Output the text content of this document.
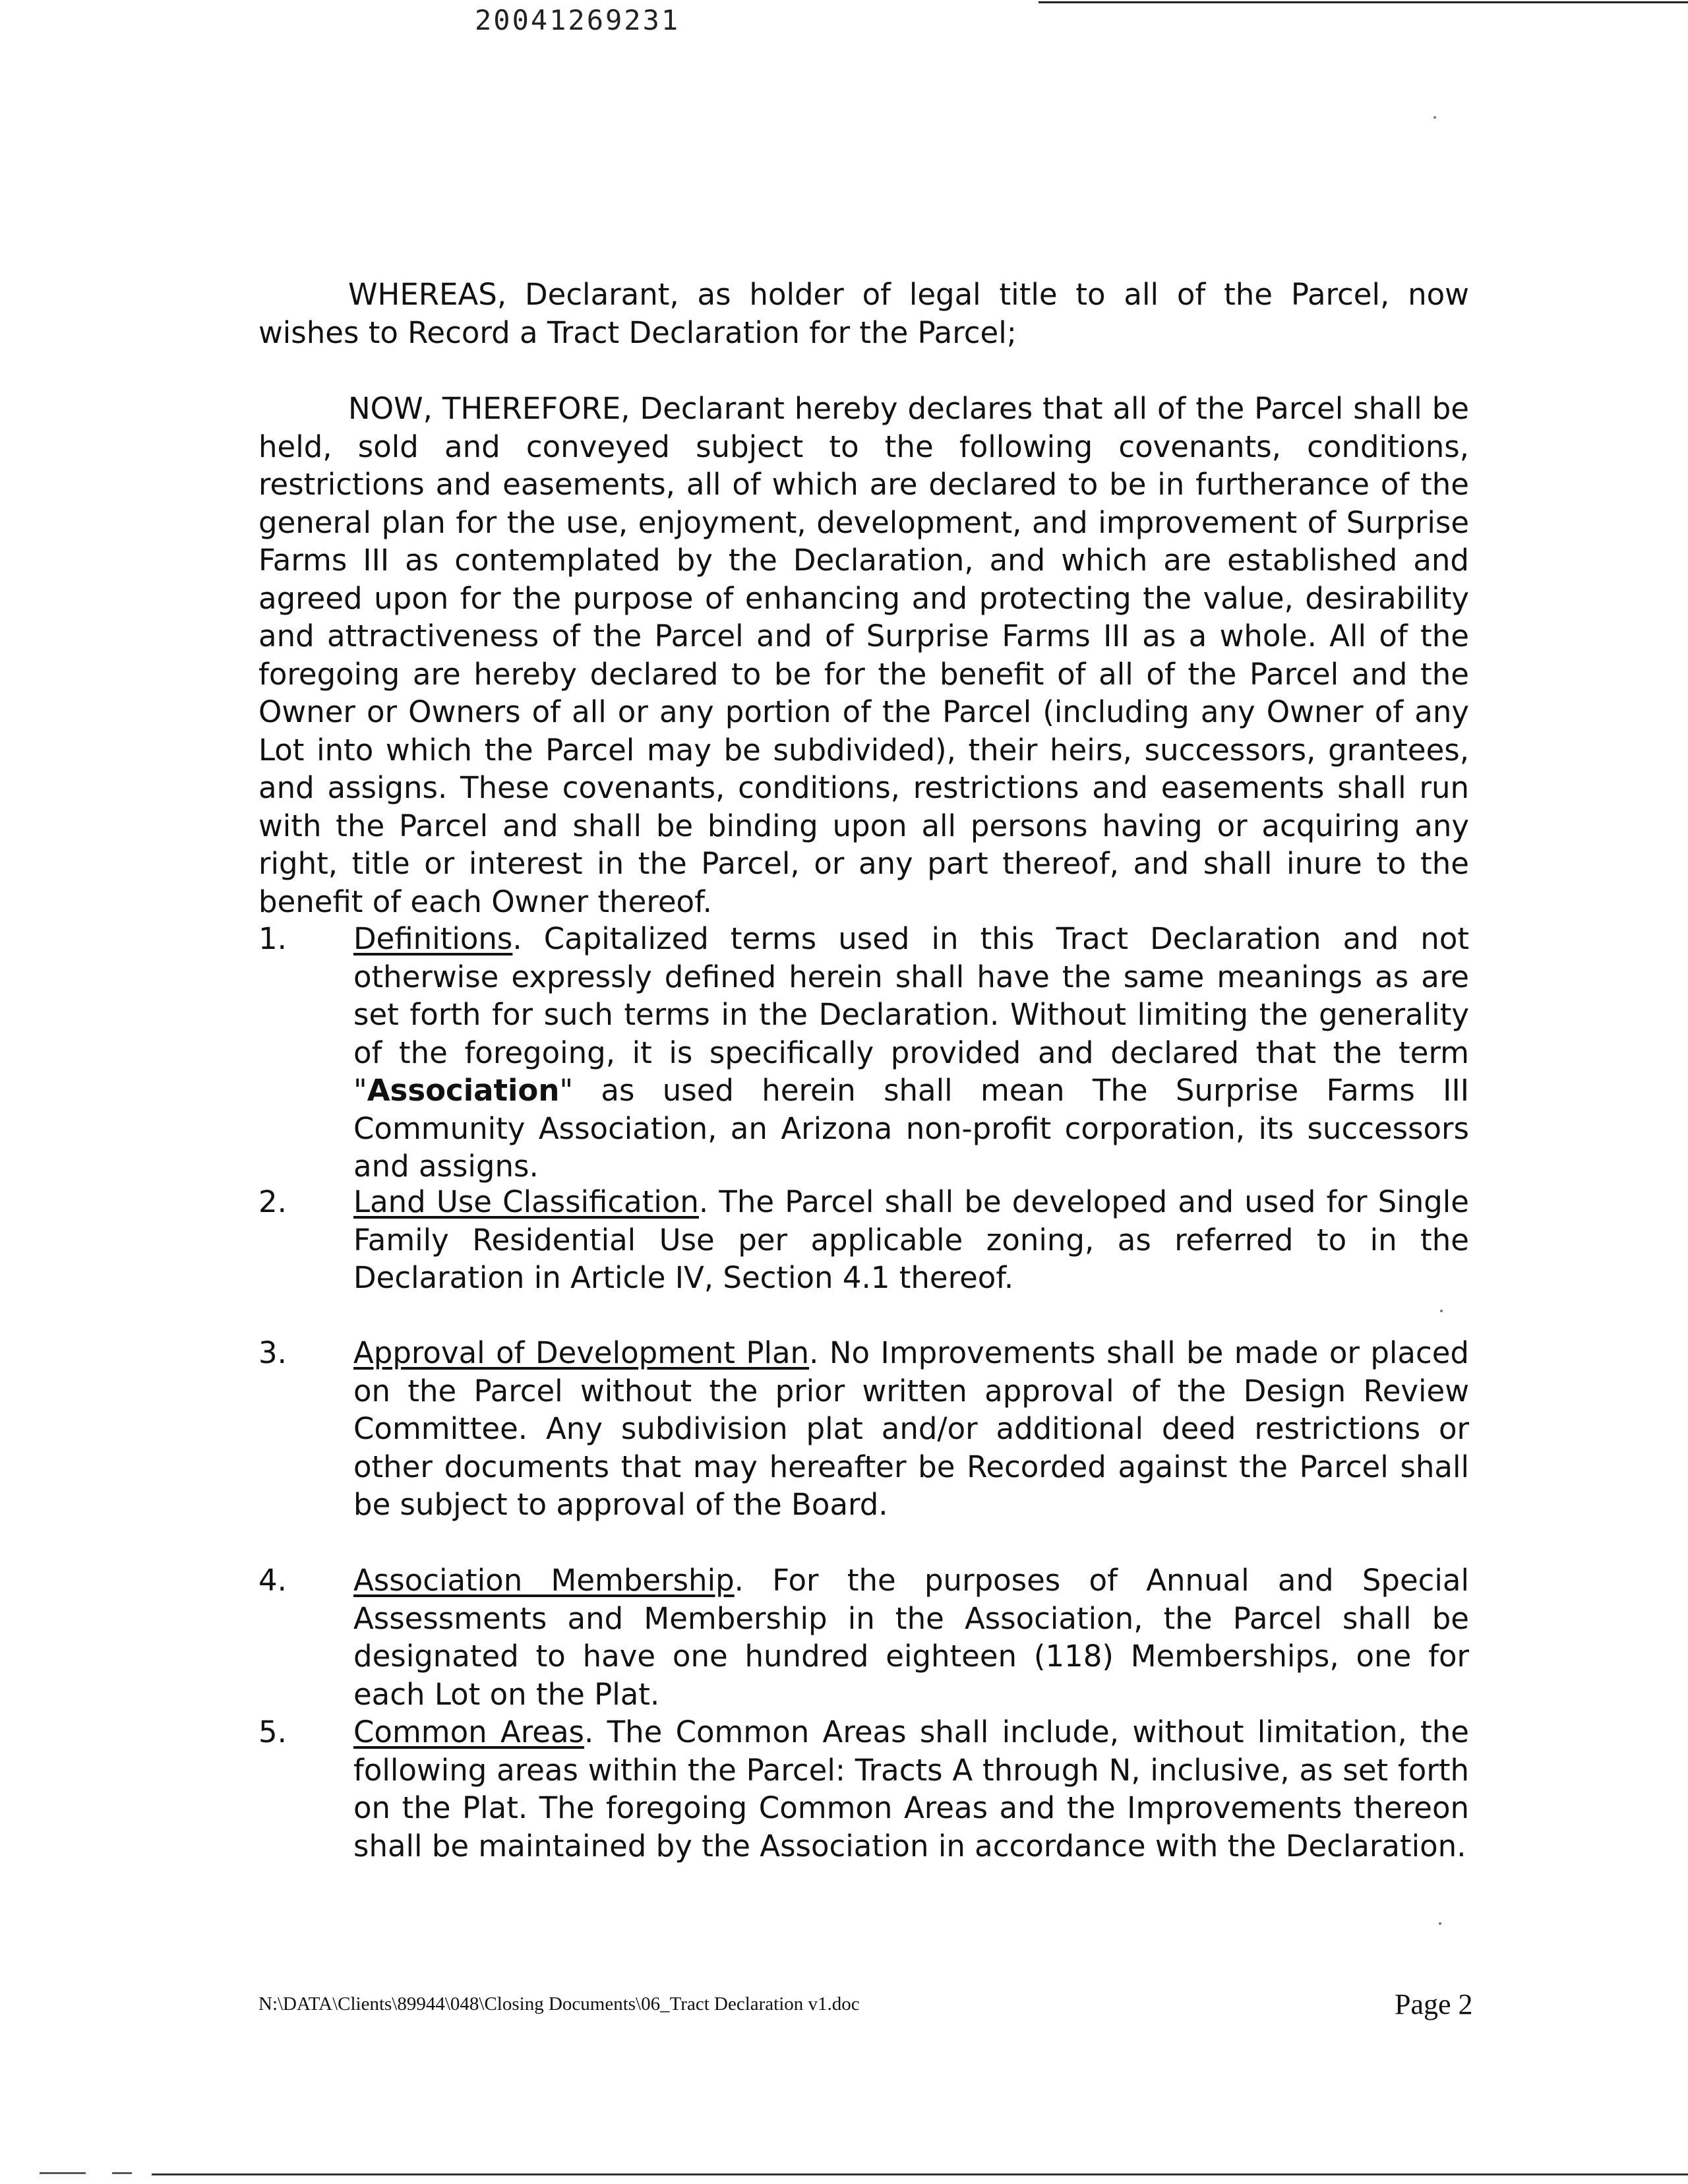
20041269231

WHEREAS, Declarant, as holder of legal title to all of the Parcel, now wishes to Record a Tract Declaration for the Parcel;

NOW, THEREFORE, Declarant hereby declares that all of the Parcel shall be held, sold and conveyed subject to the following covenants, conditions, restrictions and easements, all of which are declared to be in furtherance of the general plan for the use, enjoyment, development, and improvement of Surprise Farms III as contemplated by the Declaration, and which are established and agreed upon for the purpose of enhancing and protecting the value, desirability and attractiveness of the Parcel and of Surprise Farms III as a whole. All of the foregoing are hereby declared to be for the benefit of all of the Parcel and the Owner or Owners of all or any portion of the Parcel (including any Owner of any Lot into which the Parcel may be subdivided), their heirs, successors, grantees, and assigns. These covenants, conditions, restrictions and easements shall run with the Parcel and shall be binding upon all persons having or acquiring any right, title or interest in the Parcel, or any part thereof, and shall inure to the benefit of each Owner thereof.

1. Definitions. Capitalized terms used in this Tract Declaration and not otherwise expressly defined herein shall have the same meanings as are set forth for such terms in the Declaration. Without limiting the generality of the foregoing, it is specifically provided and declared that the term "Association" as used herein shall mean The Surprise Farms III Community Association, an Arizona non-profit corporation, its successors and assigns.

2. Land Use Classification. The Parcel shall be developed and used for Single Family Residential Use per applicable zoning, as referred to in the Declaration in Article IV, Section 4.1 thereof.

3. Approval of Development Plan. No Improvements shall be made or placed on the Parcel without the prior written approval of the Design Review Committee. Any subdivision plat and/or additional deed restrictions or other documents that may hereafter be Recorded against the Parcel shall be subject to approval of the Board.

4. Association Membership. For the purposes of Annual and Special Assessments and Membership in the Association, the Parcel shall be designated to have one hundred eighteen (118) Memberships, one for each Lot on the Plat.

5. Common Areas. The Common Areas shall include, without limitation, the following areas within the Parcel: Tracts A through N, inclusive, as set forth on the Plat. The foregoing Common Areas and the Improvements thereon shall be maintained by the Association in accordance with the Declaration.

N:\DATA\Clients\89944\048\Closing Documents\06_Tract Declaration v1.doc	Page 2
